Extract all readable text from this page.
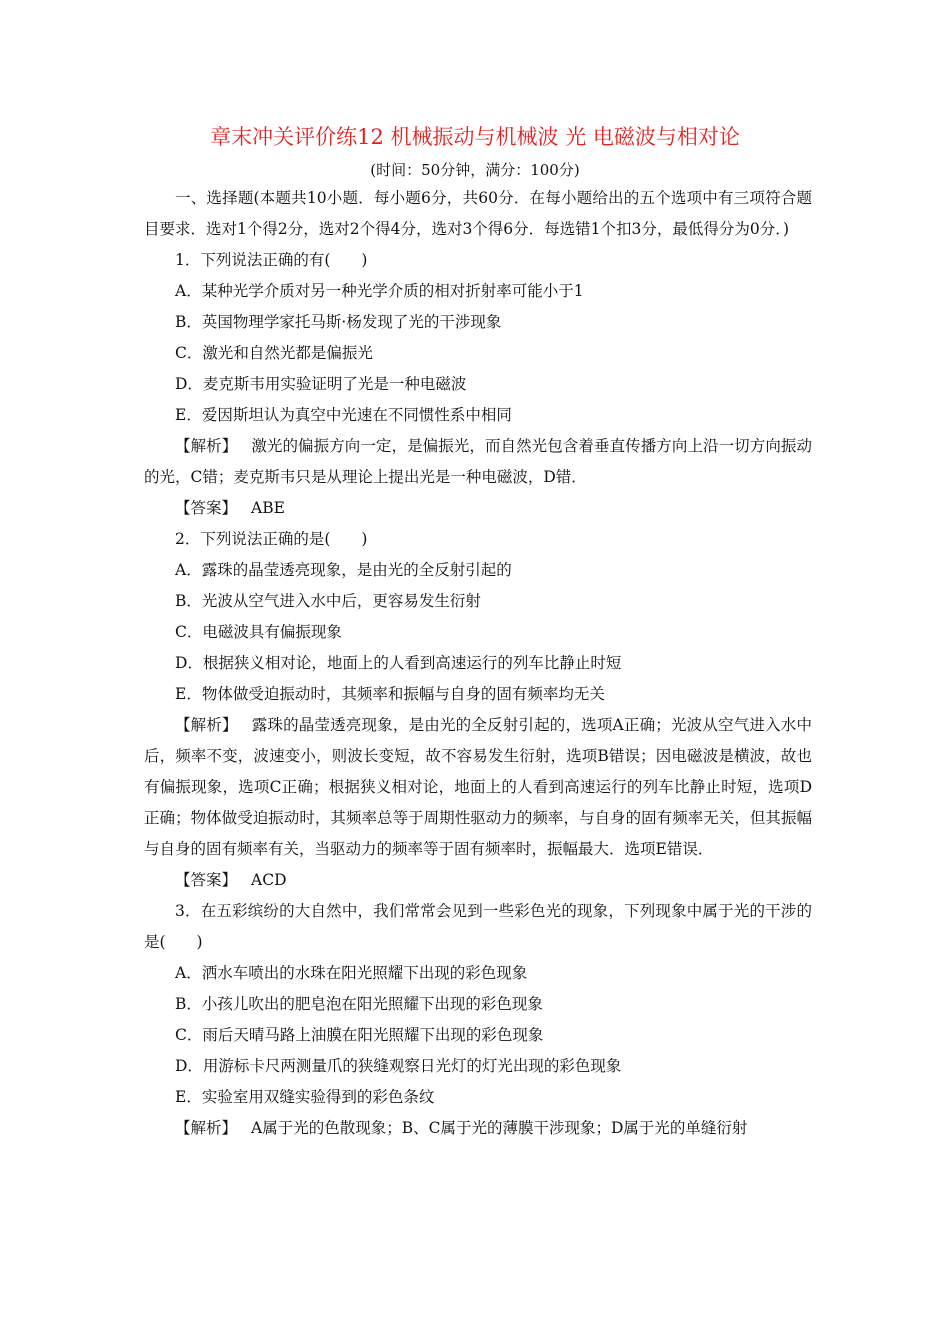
章末冲关评价练12 机械振动与机械波 光 电磁波与相对论
(时间：50分钟，满分：100分)

一、选择题(本题共10小题．每小题6分，共60分．在每小题给出的五个选项中有三项符合题目要求．选对1个得2分，选对2个得4分，选对3个得6分．每选错1个扣3分，最低得分为0分．)

1．下列说法正确的有(　　)

A．某种光学介质对另一种光学介质的相对折射率可能小于1

B．英国物理学家托马斯·杨发现了光的干涉现象

C．激光和自然光都是偏振光

D．麦克斯韦用实验证明了光是一种电磁波

E．爱因斯坦认为真空中光速在不同惯性系中相同

【解析】 激光的偏振方向一定，是偏振光，而自然光包含着垂直传播方向上沿一切方向振动的光，C错；麦克斯韦只是从理论上提出光是一种电磁波，D错．

【答案】 ABE

2．下列说法正确的是(　　)

A．露珠的晶莹透亮现象，是由光的全反射引起的

B．光波从空气进入水中后，更容易发生衍射

C．电磁波具有偏振现象

D．根据狭义相对论，地面上的人看到高速运行的列车比静止时短

E．物体做受迫振动时，其频率和振幅与自身的固有频率均无关

【解析】 露珠的晶莹透亮现象，是由光的全反射引起的，选项A正确；光波从空气进入水中后，频率不变，波速变小，则波长变短，故不容易发生衍射，选项B错误；因电磁波是横波，故也有偏振现象，选项C正确；根据狭义相对论，地面上的人看到高速运行的列车比静止时短，选项D正确；物体做受迫振动时，其频率总等于周期性驱动力的频率，与自身的固有频率无关，但其振幅与自身的固有频率有关，当驱动力的频率等于固有频率时，振幅最大．选项E错误．

【答案】 ACD

3．在五彩缤纷的大自然中，我们常常会见到一些彩色光的现象，下列现象中属于光的干涉的是(　　)

A．洒水车喷出的水珠在阳光照耀下出现的彩色现象

B．小孩儿吹出的肥皂泡在阳光照耀下出现的彩色现象

C．雨后天晴马路上油膜在阳光照耀下出现的彩色现象

D．用游标卡尺两测量爪的狭缝观察日光灯的灯光出现的彩色现象

E．实验室用双缝实验得到的彩色条纹

【解析】 A属于光的色散现象；B、C属于光的薄膜干涉现象；D属于光的单缝衍射
